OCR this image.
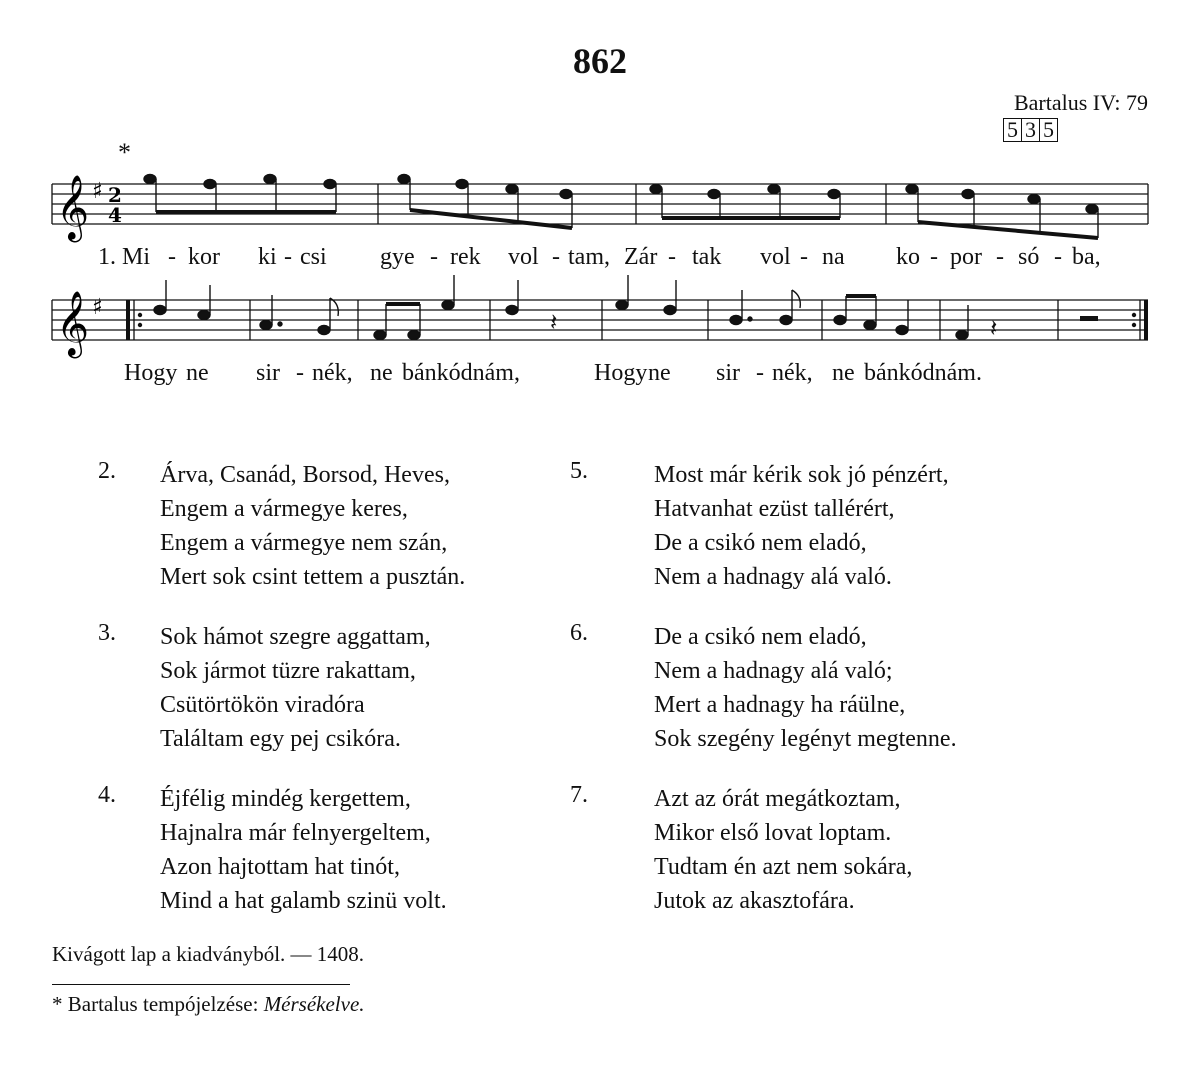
862
Bartalus IV: 79
5 3 5
*
𝄞 ♯ 2
4
𝄞 ♯
𝄽	𝄽
1. Mi - kor ki - csi gye - rek vol - tam, Zár - tak vol - na ko - por - só - ba,
Hogy ne sir - nék, ne bánkódnám,	Hogy ne sir - nék, ne bánkódnám.
2. Árva, Csanád, Borsod, Heves,
Engem a vármegye keres,
Engem a vármegye nem szán,
Mert sok csint tettem a pusztán.
3. Sok hámot szegre aggattam,
Sok jármot tüzre rakattam,
Csütörtökön viradóra
Találtam egy pej csikóra.
4. Éjfélig mindég kergettem,
Hajnalra már felnyergeltem,
Azon hajtottam hat tinót,
Mind a hat galamb szinü volt.
5.	Most már kérik sok jó pénzért,
Hatvanhat ezüst tallérért,
De a csikó nem eladó,
Nem a hadnagy alá való.
6.	De a csikó nem eladó,
Nem a hadnagy alá való;
Mert a hadnagy ha ráülne,
Sok szegény legényt megtenne.
7.	Azt az órát megátkoztam,
Mikor első lovat loptam.
Tudtam én azt nem sokára,
Jutok az akasztofára.
Kivágott lap a kiadványból. — 1408.
* Bartalus tempójelzése: Mérsékelve.
